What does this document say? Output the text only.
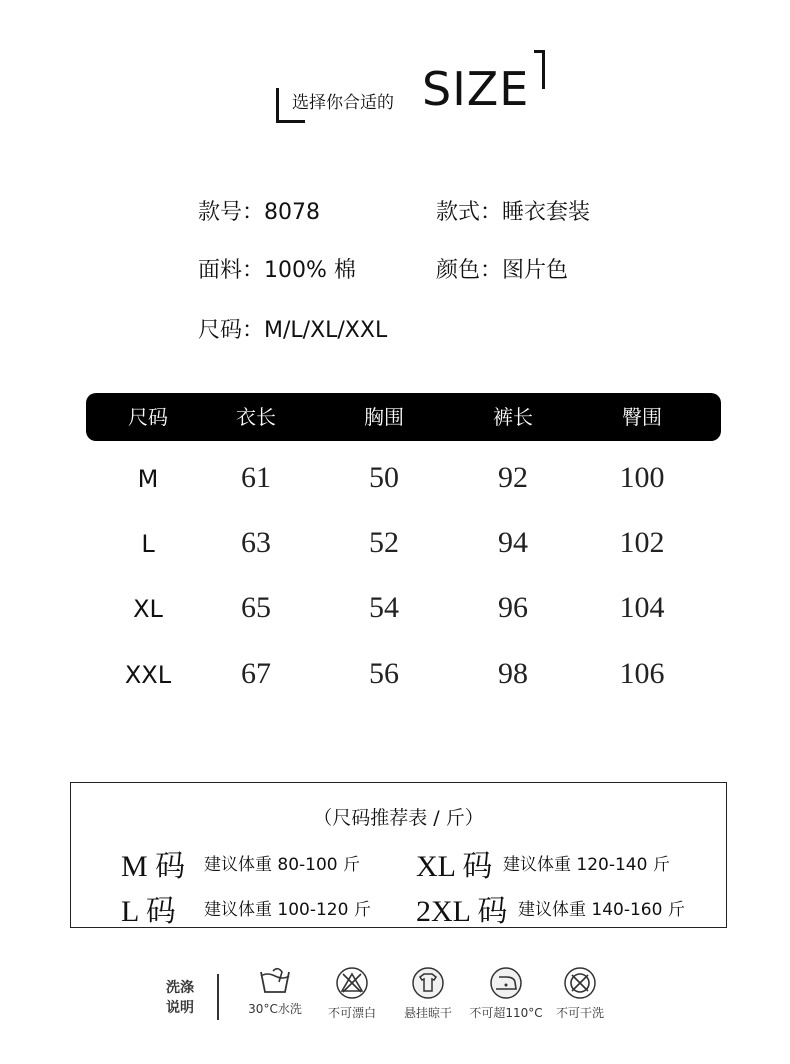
选择你合适的 SIZE
款号：8078	款式：睡衣套装
面料：100% 棉	颜色：图片色
尺码：M/L/XL/XXL
尺码	衣长	胸围	裤长	臀围
M	61	50	92	100
L	63	52	94	102
XL	65	54	96	104
XXL	67	56	98	106
（尺码推荐表 / 斤）
M 码 建议体重 80-100 斤 XL 码 建议体重 120-140 斤
L 码 建议体重 100-120 斤 2XL 码 建议体重 140-160 斤
洗涤
说明	30°C水洗	不可漂白	悬挂晾干	不可超110°C	不可干洗
